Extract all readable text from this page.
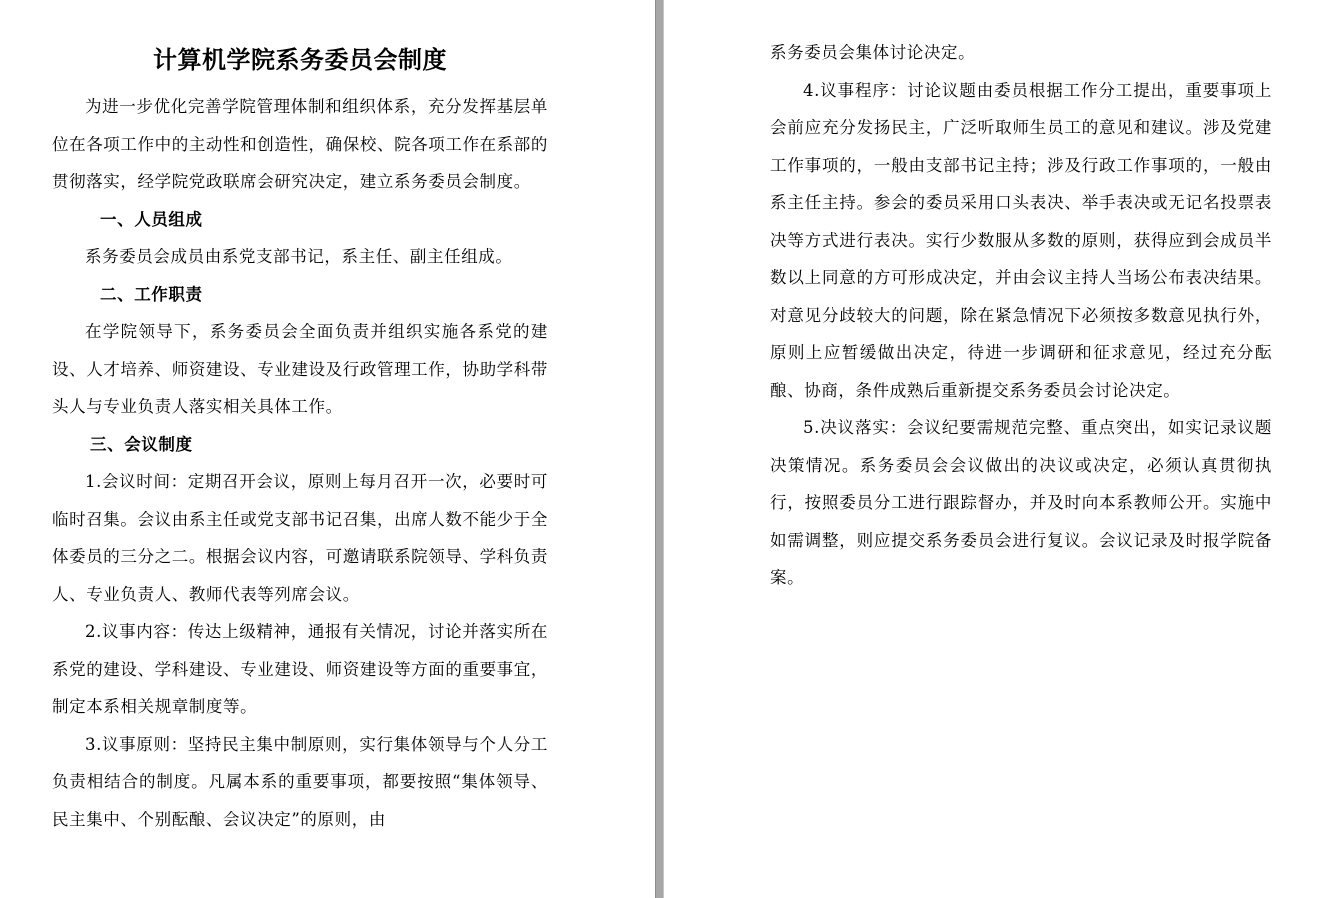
计算机学院系务委员会制度

为进一步优化完善学院管理体制和组织体系，充分发挥基层单位在各项工作中的主动性和创造性，确保校、院各项工作在系部的贯彻落实，经学院党政联席会研究决定，建立系务委员会制度。

一、人员组成

系务委员会成员由系党支部书记，系主任、副主任组成。

二、工作职责

在学院领导下，系务委员会全面负责并组织实施各系党的建设、人才培养、师资建设、专业建设及行政管理工作，协助学科带头人与专业负责人落实相关具体工作。

三、会议制度

1.会议时间：定期召开会议，原则上每月召开一次，必要时可临时召集。会议由系主任或党支部书记召集，出席人数不能少于全体委员的三分之二。根据会议内容，可邀请联系院领导、学科负责人、专业负责人、教师代表等列席会议。

2.议事内容：传达上级精神，通报有关情况，讨论并落实所在系党的建设、学科建设、专业建设、师资建设等方面的重要事宜，制定本系相关规章制度等。

3.议事原则：坚持民主集中制原则，实行集体领导与个人分工负责相结合的制度。凡属本系的重要事项，都要按照“集体领导、民主集中、个别酝酿、会议决定”的原则，由

系务委员会集体讨论决定。

4.议事程序：讨论议题由委员根据工作分工提出，重要事项上会前应充分发扬民主，广泛听取师生员工的意见和建议。涉及党建工作事项的，一般由支部书记主持；涉及行政工作事项的，一般由系主任主持。参会的委员采用口头表决、举手表决或无记名投票表决等方式进行表决。实行少数服从多数的原则，获得应到会成员半数以上同意的方可形成决定，并由会议主持人当场公布表决结果。对意见分歧较大的问题，除在紧急情况下必须按多数意见执行外，原则上应暂缓做出决定，待进一步调研和征求意见，经过充分酝酿、协商，条件成熟后重新提交系务委员会讨论决定。

5.决议落实：会议纪要需规范完整、重点突出，如实记录议题决策情况。系务委员会会议做出的决议或决定，必须认真贯彻执行，按照委员分工进行跟踪督办，并及时向本系教师公开。实施中如需调整，则应提交系务委员会进行复议。会议记录及时报学院备案。
